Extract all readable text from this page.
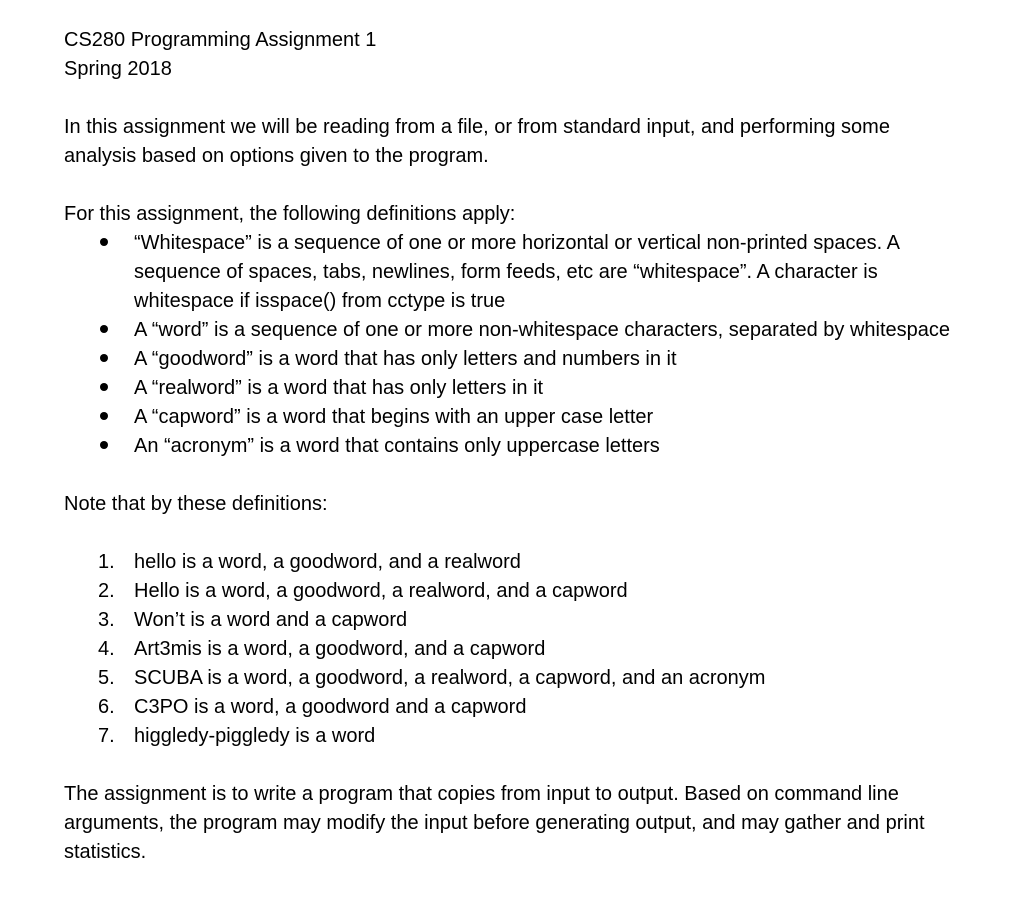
CS280 Programming Assignment 1

Spring 2018

In this assignment we will be reading from a file, or from standard input, and performing some analysis based on options given to the program.

For this assignment, the following definitions apply:

“Whitespace” is a sequence of one or more horizontal or vertical non-printed spaces. A sequence of spaces, tabs, newlines, form feeds, etc are “whitespace”. A character is whitespace if isspace() from cctype is true
A “word” is a sequence of one or more non-whitespace characters, separated by whitespace
A “goodword” is a word that has only letters and numbers in it
A “realword” is a word that has only letters in it
A “capword” is a word that begins with an upper case letter
An “acronym” is a word that contains only uppercase letters

Note that by these definitions:

1. hello is a word, a goodword, and a realword
2. Hello is a word, a goodword, a realword, and a capword
3. Won’t is a word and a capword
4. Art3mis is a word, a goodword, and a capword
5. SCUBA is a word, a goodword, a realword, a capword, and an acronym
6. C3PO is a word, a goodword and a capword
7. higgledy-piggledy is a word

The assignment is to write a program that copies from input to output. Based on command line arguments, the program may modify the input before generating output, and may gather and print statistics.
